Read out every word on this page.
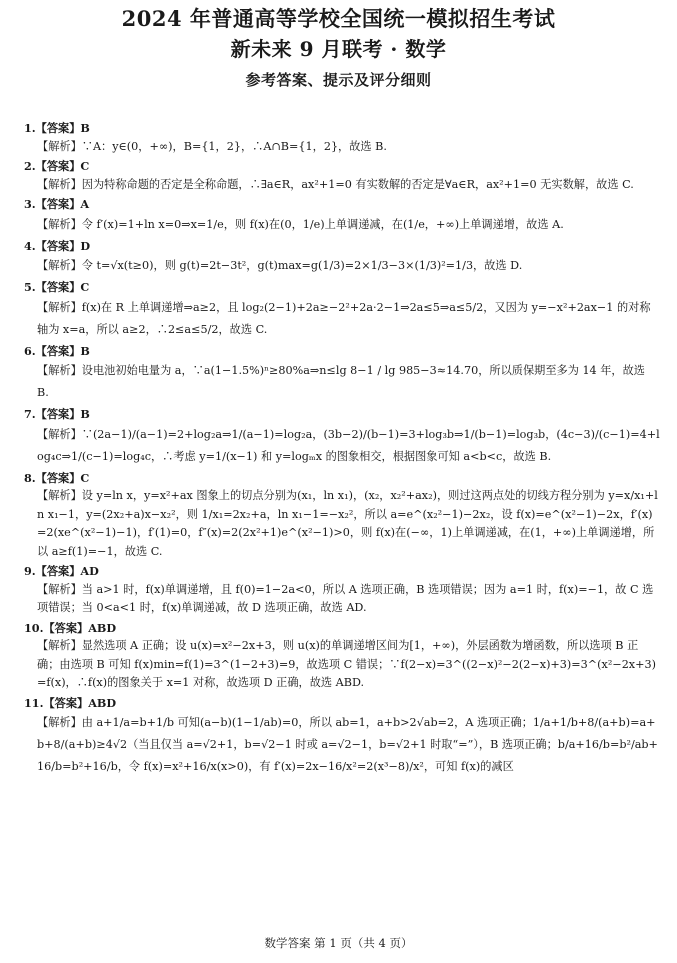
2024 年普通高等学校全国统一模拟招生考试
新未来 9 月联考 · 数学
参考答案、提示及评分细则
1.【答案】B
【解析】∵A：y∈(0，+∞)，B={1，2}，∴A∩B={1，2}，故选 B.
2.【答案】C
【解析】因为特称命题的否定是全称命题，∴∃a∈R，ax²+1=0 有实数解的否定是∀a∈R，ax²+1=0 无实数解，故选 C.
3.【答案】A
【解析】令 f′(x)=1+ln x=0⇒x=1/e，则 f(x)在(0，1/e)上单调递减，在(1/e，+∞)上单调递增，故选 A.
4.【答案】D
【解析】令 t=√x(t≥0)，则 g(t)=2t−3t²，g(t)max=g(1/3)=2×1/3−3×(1/3)²=1/3，故选 D.
5.【答案】C
【解析】f(x)在 R 上单调递增⇒a≥2，且 log₂(2−1)+2a≥−2²+2a·2−1⇒2a≤5⇒a≤5/2，又因为 y=−x²+2ax−1 的对称轴为 x=a，所以 a≥2，∴2≤a≤5/2，故选 C.
6.【答案】B
【解析】设电池初始电量为 a，∵a(1−1.5%)ⁿ≥80%a⇒n≤lg 8−1 / lg 985−3≈14.70，所以质保期至多为 14 年，故选 B.
7.【答案】B
【解析】∵(2a−1)/(a−1)=2+log₂a⇒1/(a−1)=log₂a，(3b−2)/(b−1)=3+log₃b⇒1/(b−1)=log₃b，(4c−3)/(c−1)=4+log₄c⇒1/(c−1)=log₄c，∴考虑 y=1/(x−1) 和 y=logₘx 的图象相交，根据图象可知 a<b<c，故选 B.
8.【答案】C
【解析】设 y=ln x，y=x²+ax 图象上的切点分别为(x₁，ln x₁)，(x₂，x₂²+ax₂)，则过这两点处的切线方程分别为 y=x/x₁+ln x₁−1，y=(2x₂+a)x−x₂²，则 1/x₁=2x₂+a，ln x₁−1=−x₂²，所以 a=e^(x₂²−1)−2x₂，设 f(x)=e^(x²−1)−2x，f′(x)=2(xe^(x²−1)−1)，f′(1)=0，f″(x)=2(2x²+1)e^(x²−1)>0，则 f(x)在(−∞，1)上单调递减，在(1，+∞)上单调递增，所以 a≥f(1)=−1，故选 C.
9.【答案】AD
【解析】当 a>1 时，f(x)单调递增，且 f(0)=1−2a<0，所以 A 选项正确，B 选项错误；因为 a=1 时，f(x)=−1，故 C 选项错误；当 0<a<1 时，f(x)单调递减，故 D 选项正确，故选 AD.
10.【答案】ABD
【解析】显然选项 A 正确；设 u(x)=x²−2x+3，则 u(x)的单调递增区间为[1，+∞)，外层函数为增函数，所以选项 B 正确；由选项 B 可知 f(x)min=f(1)=3^(1−2+3)=9，故选项 C 错误；∵f(2−x)=3^((2−x)²−2(2−x)+3)=3^(x²−2x+3)=f(x)，∴f(x)的图象关于 x=1 对称，故选项 D 正确，故选 ABD.
11.【答案】ABD
【解析】由 a+1/a=b+1/b 可知(a−b)(1−1/ab)=0，所以 ab=1，a+b>2√ab=2，A 选项正确；1/a+1/b+8/(a+b)=a+b+8/(a+b)≥4√2（当且仅当 a=√2+1，b=√2−1 时或 a=√2−1，b=√2+1 时取“=”），B 选项正确；b/a+16/b=b²/ab+16/b=b²+16/b，令 f(x)=x²+16/x(x>0)，有 f′(x)=2x−16/x²=2(x³−8)/x²，可知 f(x)的减区
数学答案 第 1 页（共 4 页）
